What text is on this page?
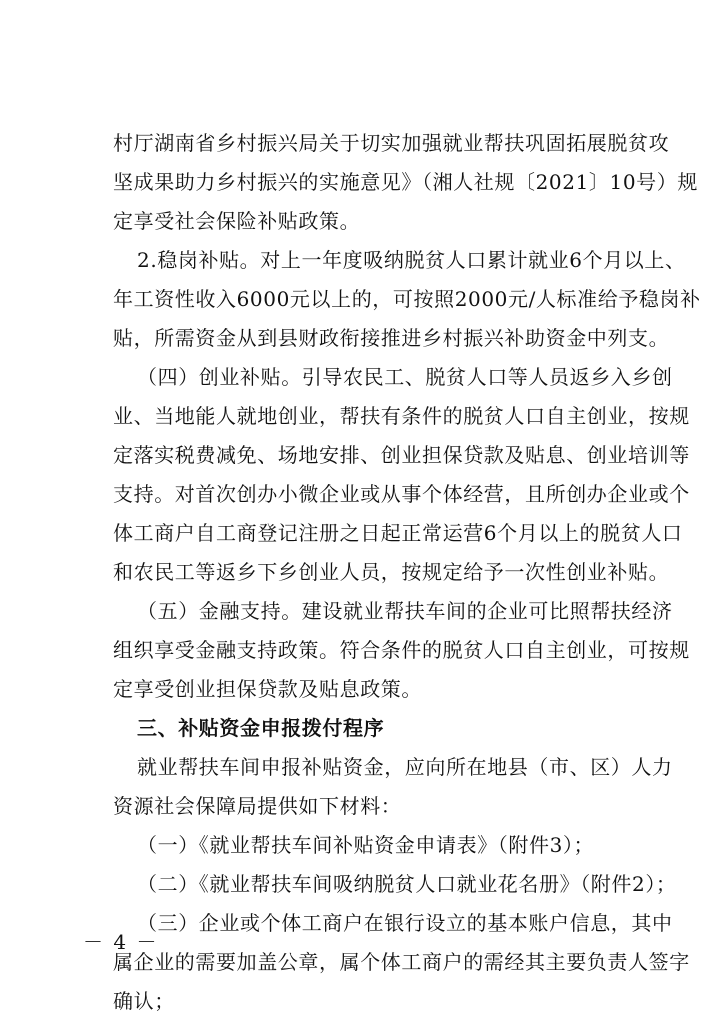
村厅湖南省乡村振兴局关于切实加强就业帮扶巩固拓展脱贫攻
坚成果助力乡村振兴的实施意见》（湘人社规〔2021〕10号）规
定享受社会保险补贴政策。
2.稳岗补贴。对上一年度吸纳脱贫人口累计就业6个月以上、
年工资性收入6000元以上的，可按照2000元/人标准给予稳岗补
贴，所需资金从到县财政衔接推进乡村振兴补助资金中列支。
（四）创业补贴。引导农民工、脱贫人口等人员返乡入乡创
业、当地能人就地创业，帮扶有条件的脱贫人口自主创业，按规
定落实税费减免、场地安排、创业担保贷款及贴息、创业培训等
支持。对首次创办小微企业或从事个体经营，且所创办企业或个
体工商户自工商登记注册之日起正常运营6个月以上的脱贫人口
和农民工等返乡下乡创业人员，按规定给予一次性创业补贴。
（五）金融支持。建设就业帮扶车间的企业可比照帮扶经济
组织享受金融支持政策。符合条件的脱贫人口自主创业，可按规
定享受创业担保贷款及贴息政策。
三、补贴资金申报拨付程序
就业帮扶车间申报补贴资金，应向所在地县（市、区）人力
资源社会保障局提供如下材料：
（一）《就业帮扶车间补贴资金申请表》（附件3）；
（二）《就业帮扶车间吸纳脱贫人口就业花名册》（附件2）；
（三）企业或个体工商户在银行设立的基本账户信息，其中
属企业的需要加盖公章，属个体工商户的需经其主要负责人签字
确认；
－ 4 －
